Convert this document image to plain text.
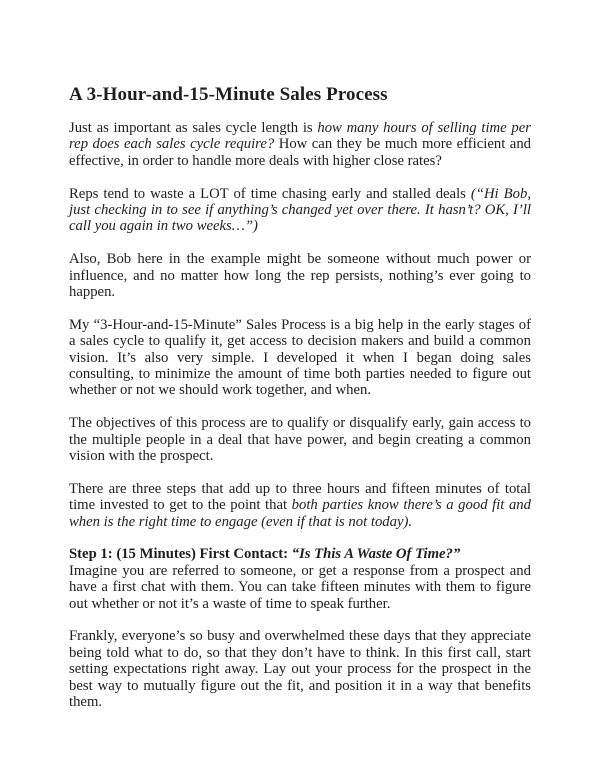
A 3-Hour-and-15-Minute Sales Process

Just as important as sales cycle length is how many hours of selling time per rep does each sales cycle require? How can they be much more efficient and effective, in order to handle more deals with higher close rates?

Reps tend to waste a LOT of time chasing early and stalled deals (“Hi Bob, just checking in to see if anything’s changed yet over there. It hasn’t? OK, I’ll call you again in two weeks…”)

Also, Bob here in the example might be someone without much power or influence, and no matter how long the rep persists, nothing’s ever going to happen.

My “3-Hour-and-15-Minute” Sales Process is a big help in the early stages of a sales cycle to qualify it, get access to decision makers and build a common vision. It’s also very simple. I developed it when I began doing sales consulting, to minimize the amount of time both parties needed to figure out whether or not we should work together, and when.

The objectives of this process are to qualify or disqualify early, gain access to the multiple people in a deal that have power, and begin creating a common vision with the prospect.

There are three steps that add up to three hours and fifteen minutes of total time invested to get to the point that both parties know there’s a good fit and when is the right time to engage (even if that is not today).

Step 1: (15 Minutes) First Contact: “Is This A Waste Of Time?”

Imagine you are referred to someone, or get a response from a prospect and have a first chat with them. You can take fifteen minutes with them to figure out whether or not it’s a waste of time to speak further.

Frankly, everyone’s so busy and overwhelmed these days that they appreciate being told what to do, so that they don’t have to think. In this first call, start setting expectations right away. Lay out your process for the prospect in the best way to mutually figure out the fit, and position it in a way that benefits them.
